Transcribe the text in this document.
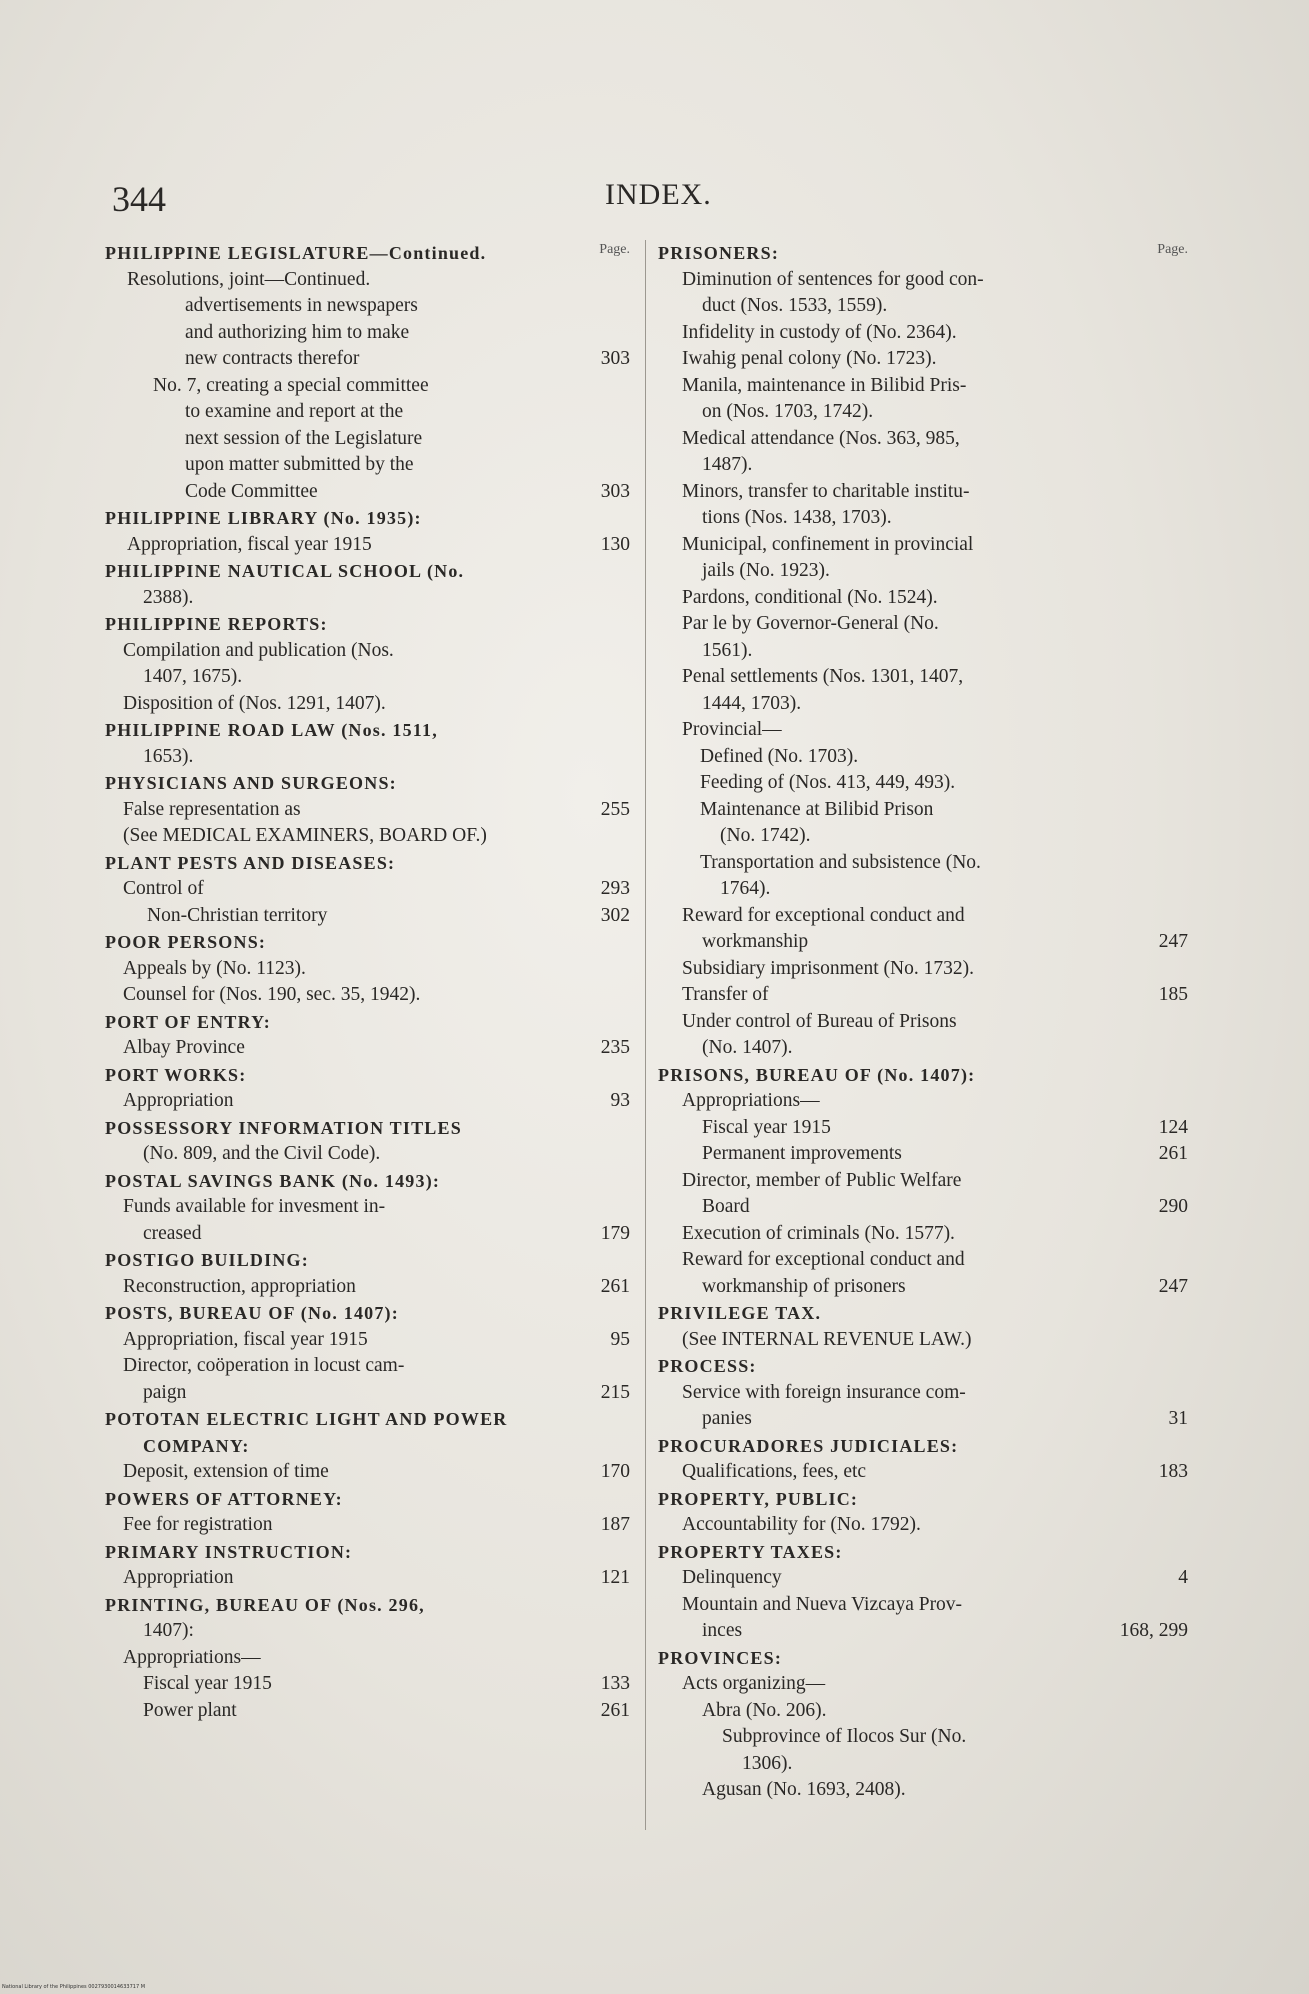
344	INDEX.
Page.
PHILIPPINE LEGISLATURE—Continued.
Resolutions, joint—Continued.
advertisements in newspapers
and authorizing him to make
new contracts therefor	303
No. 7, creating a special committee
to examine and report at the
next session of the Legislature
upon matter submitted by the
Code Committee	303
PHILIPPINE LIBRARY (No. 1935):
Appropriation, fiscal year 1915	130
PHILIPPINE NAUTICAL SCHOOL (No.
2388).
PHILIPPINE REPORTS:
Compilation and publication (Nos.
1407, 1675).
Disposition of (Nos. 1291, 1407).
PHILIPPINE ROAD LAW (Nos. 1511,
1653).
PHYSICIANS AND SURGEONS:
False representation as	255
(See MEDICAL EXAMINERS, BOARD OF.)
PLANT PESTS AND DISEASES:
Control of	293
Non-Christian territory	302
POOR PERSONS:
Appeals by (No. 1123).
Counsel for (Nos. 190, sec. 35, 1942).
PORT OF ENTRY:
Albay Province	235
PORT WORKS:
Appropriation	93
POSSESSORY INFORMATION TITLES
(No. 809, and the Civil Code).
POSTAL SAVINGS BANK (No. 1493):
Funds available for invesment in-
creased	179
POSTIGO BUILDING:
Reconstruction, appropriation	261
POSTS, BUREAU OF (No. 1407):
Appropriation, fiscal year 1915	95
Director, coöperation in locust cam-
paign	215
POTOTAN ELECTRIC LIGHT AND POWER
COMPANY:
Deposit, extension of time	170
POWERS OF ATTORNEY:
Fee for registration	187
PRIMARY INSTRUCTION:
Appropriation	121
PRINTING, BUREAU OF (Nos. 296,
1407):
Appropriations—
Fiscal year 1915	133
Power plant	261
Page.
PRISONERS:
Diminution of sentences for good con-
duct (Nos. 1533, 1559).
Infidelity in custody of (No. 2364).
Iwahig penal colony (No. 1723).
Manila, maintenance in Bilibid Pris-
on (Nos. 1703, 1742).
Medical attendance (Nos. 363, 985,
1487).
Minors, transfer to charitable institu-
tions (Nos. 1438, 1703).
Municipal, confinement in provincial
jails (No. 1923).
Pardons, conditional (No. 1524).
Par le by Governor-General (No.
1561).
Penal settlements (Nos. 1301, 1407,
1444, 1703).
Provincial—
Defined (No. 1703).
Feeding of (Nos. 413, 449, 493).
Maintenance at Bilibid Prison
(No. 1742).
Transportation and subsistence (No.
1764).
Reward for exceptional conduct and
workmanship	247
Subsidiary imprisonment (No. 1732).
Transfer of	185
Under control of Bureau of Prisons
(No. 1407).
PRISONS, BUREAU OF (No. 1407):
Appropriations—
Fiscal year 1915	124
Permanent improvements	261
Director, member of Public Welfare
Board	290
Execution of criminals (No. 1577).
Reward for exceptional conduct and
workmanship of prisoners	247
PRIVILEGE TAX.
(See INTERNAL REVENUE LAW.)
PROCESS:
Service with foreign insurance com-
panies	31
PROCURADORES JUDICIALES:
Qualifications, fees, etc	183
PROPERTY, PUBLIC:
Accountability for (No. 1792).
PROPERTY TAXES:
Delinquency	4
Mountain and Nueva Vizcaya Prov-
inces	168, 299
PROVINCES:
Acts organizing—
Abra (No. 206).
Subprovince of Ilocos Sur (No.
1306).
Agusan (No. 1693, 2408).
National Library of the Philippines 0027930014633717 M
